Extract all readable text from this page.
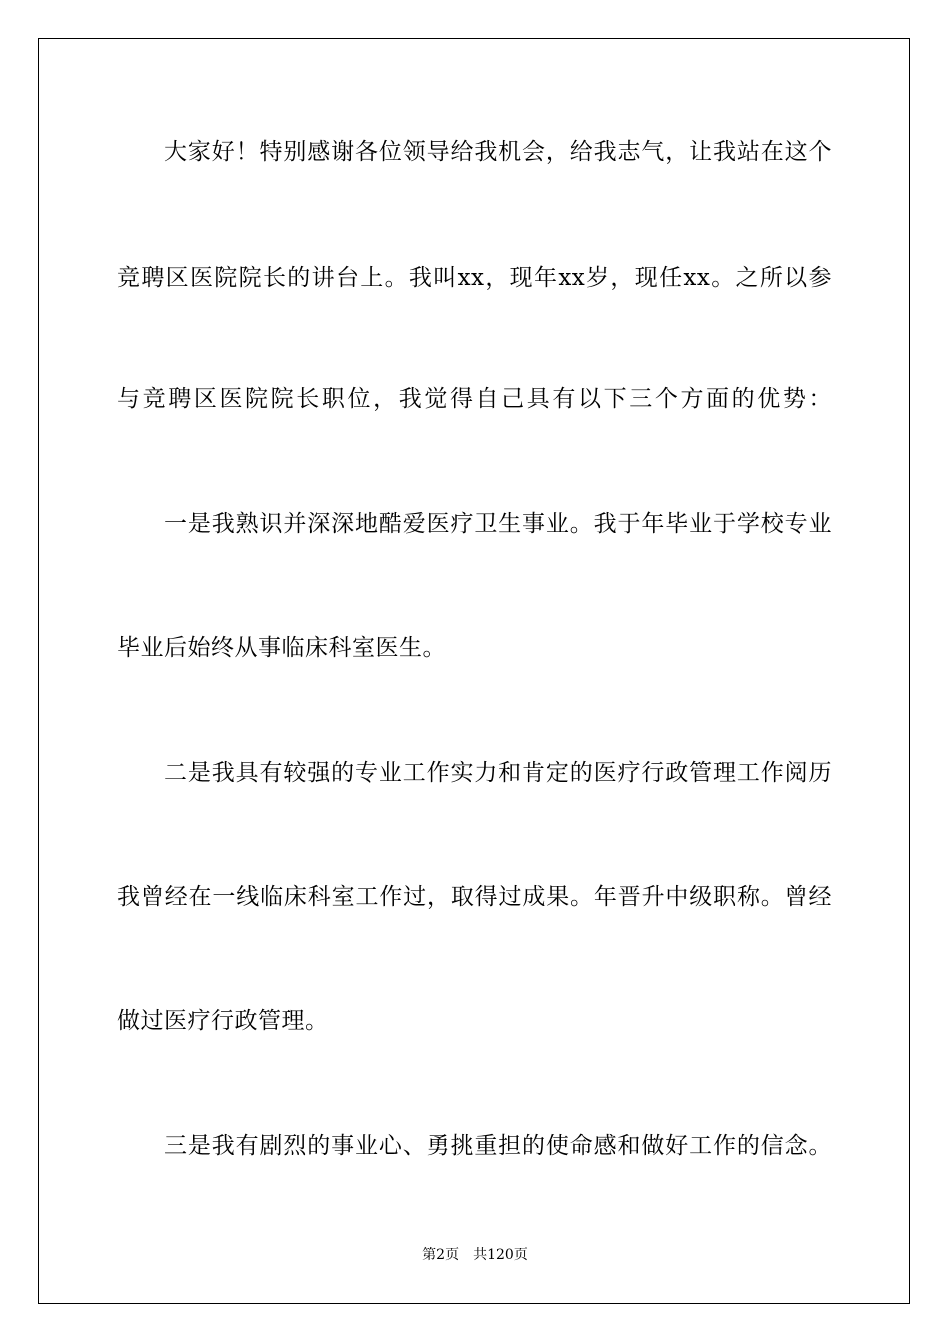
大家好！特别感谢各位领导给我机会，给我志气，让我站在这个
竞聘区医院院长的讲台上。我叫xx，现年xx岁，现任xx。之所以参
与竞聘区医院院长职位，我觉得自己具有以下三个方面的优势：
一是我熟识并深深地酷爱医疗卫生事业。我于年毕业于学校专业
毕业后始终从事临床科室医生。
二是我具有较强的专业工作实力和肯定的医疗行政管理工作阅历
我曾经在一线临床科室工作过，取得过成果。年晋升中级职称。曾经
做过医疗行政管理。
三是我有剧烈的事业心、勇挑重担的使命感和做好工作的信念。
第2页 共120页
